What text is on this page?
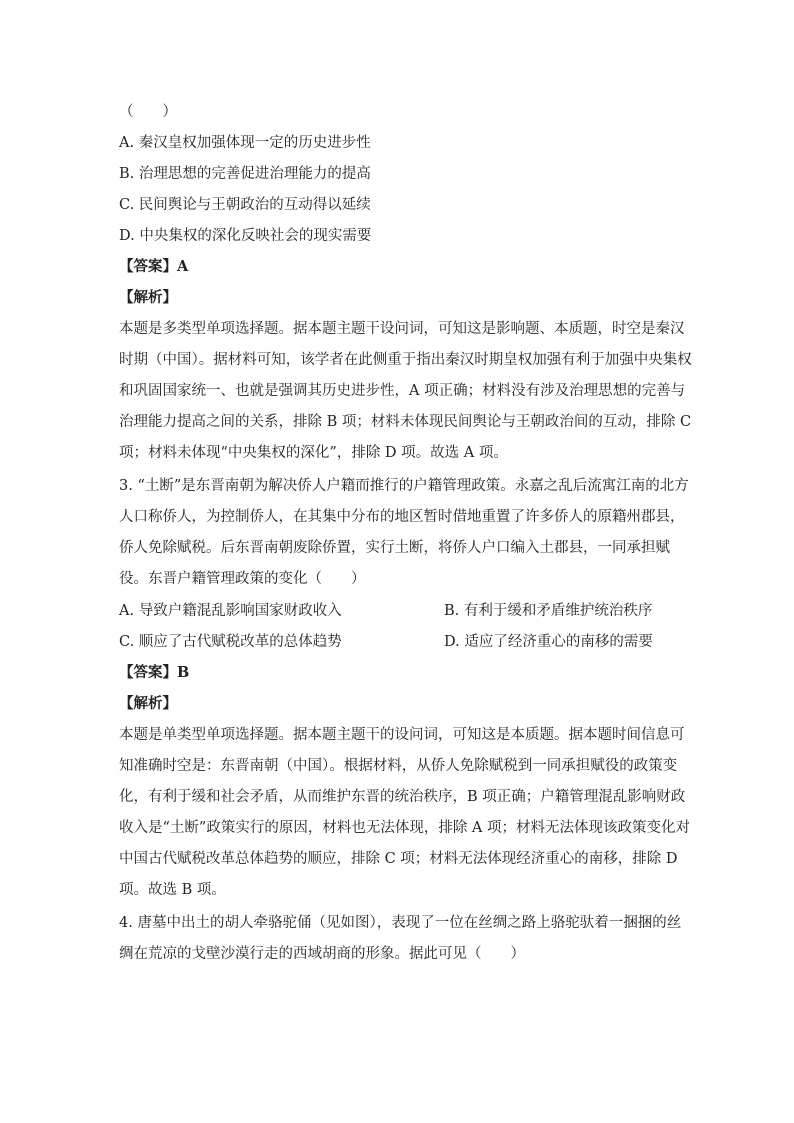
（　　）
A. 秦汉皇权加强体现一定的历史进步性
B. 治理思想的完善促进治理能力的提高
C. 民间舆论与王朝政治的互动得以延续
D. 中央集权的深化反映社会的现实需要
【答案】A
【解析】
本题是多类型单项选择题。据本题主题干设问词，可知这是影响题、本质题，时空是秦汉
时期（中国）。据材料可知，该学者在此侧重于指出秦汉时期皇权加强有利于加强中央集权
和巩固国家统一、也就是强调其历史进步性，A 项正确；材料没有涉及治理思想的完善与
治理能力提高之间的关系，排除 B 项；材料未体现民间舆论与王朝政治间的互动，排除 C
项；材料未体现“中央集权的深化”，排除 D 项。故选 A 项。
3. “土断”是东晋南朝为解决侨人户籍而推行的户籍管理政策。永嘉之乱后流寓江南的北方
人口称侨人，为控制侨人，在其集中分布的地区暂时借地重置了许多侨人的原籍州郡县，
侨人免除赋税。后东晋南朝废除侨置，实行土断，将侨人户口编入土郡县，一同承担赋
役。东晋户籍管理政策的变化（　　）
A. 导致户籍混乱影响国家财政收入	B. 有利于缓和矛盾维护统治秩序
C. 顺应了古代赋税改革的总体趋势	D. 适应了经济重心的南移的需要
【答案】B
【解析】
本题是单类型单项选择题。据本题主题干的设问词，可知这是本质题。据本题时间信息可
知准确时空是：东晋南朝（中国）。根据材料，从侨人免除赋税到一同承担赋役的政策变
化，有利于缓和社会矛盾，从而维护东晋的统治秩序，B 项正确；户籍管理混乱影响财政
收入是“土断”政策实行的原因，材料也无法体现，排除 A 项；材料无法体现该政策变化对
中国古代赋税改革总体趋势的顺应，排除 C 项；材料无法体现经济重心的南移，排除 D
项。故选 B 项。
4. 唐墓中出土的胡人牵骆驼俑（见如图），表现了一位在丝绸之路上骆驼驮着一捆捆的丝
绸在荒凉的戈壁沙漠行走的西域胡商的形象。据此可见（　　）
